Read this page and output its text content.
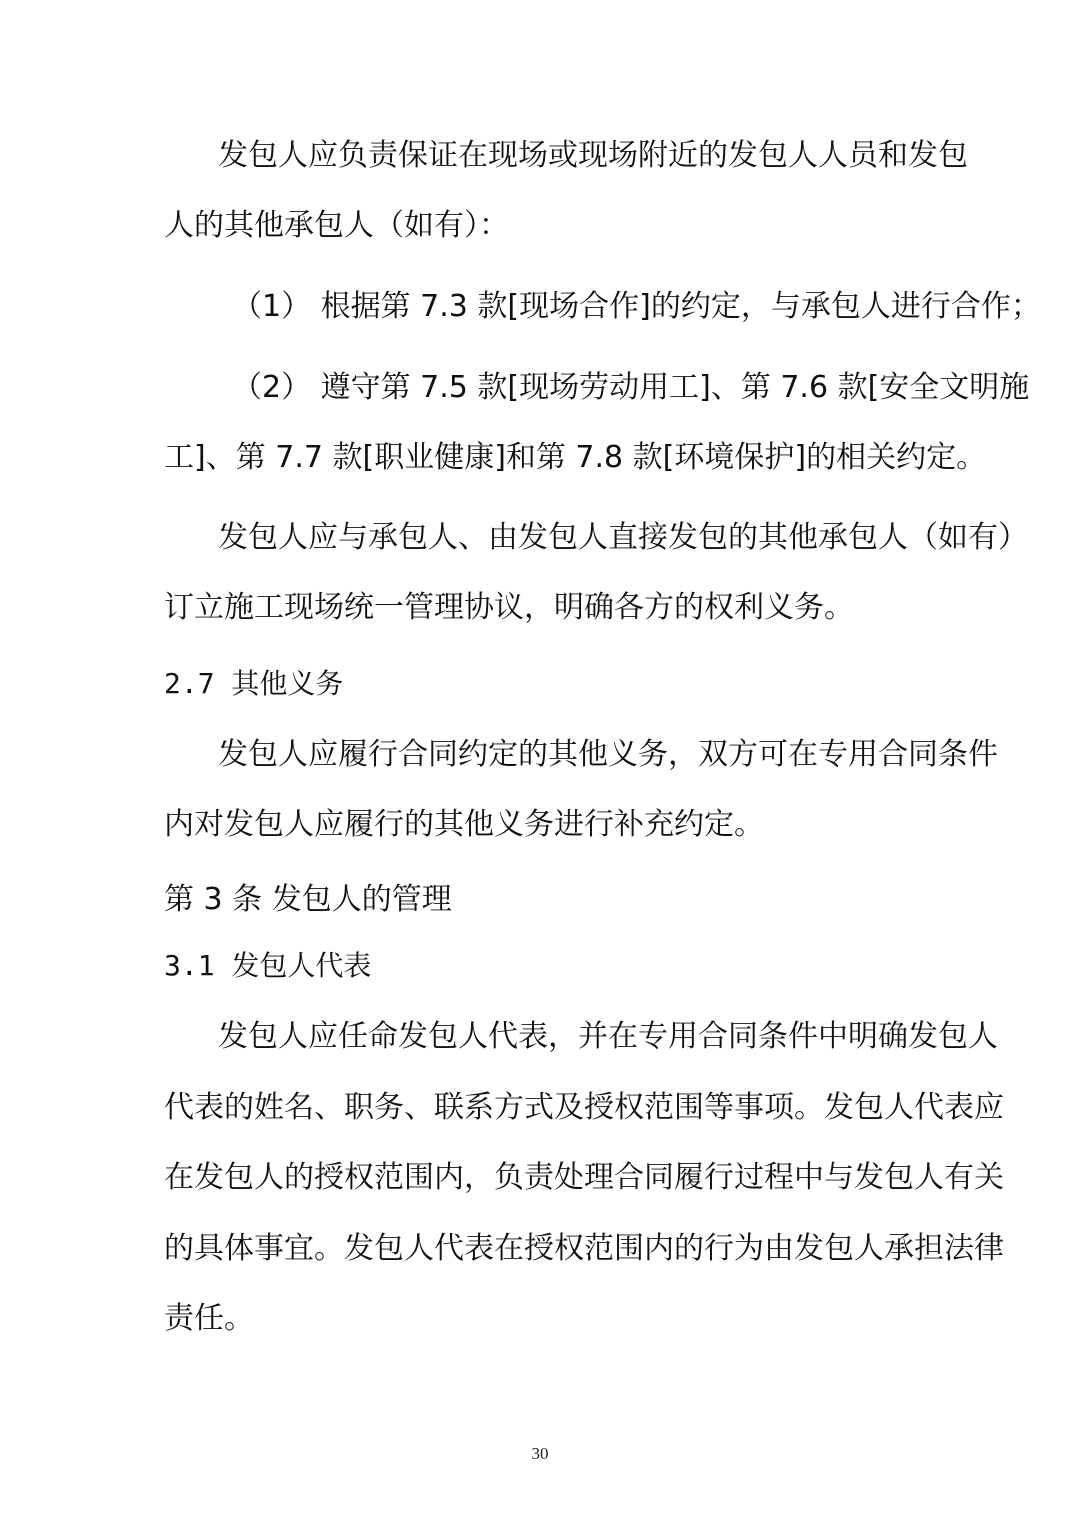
发包人应负责保证在现场或现场附近的发包人人员和发包
人的其他承包人（如有）：
（1） 根据第 7.3 款[现场合作]的约定，与承包人进行合作；
（2） 遵守第 7.5 款[现场劳动用工]、第 7.6 款[安全文明施
工]、第 7.7 款[职业健康]和第 7.8 款[环境保护]的相关约定。
发包人应与承包人、由发包人直接发包的其他承包人（如有）
订立施工现场统一管理协议，明确各方的权利义务。
2.7 其他义务
发包人应履行合同约定的其他义务，双方可在专用合同条件
内对发包人应履行的其他义务进行补充约定。
第 3 条 发包人的管理
3.1 发包人代表
发包人应任命发包人代表，并在专用合同条件中明确发包人
代表的姓名、职务、联系方式及授权范围等事项。发包人代表应
在发包人的授权范围内，负责处理合同履行过程中与发包人有关
的具体事宜。发包人代表在授权范围内的行为由发包人承担法律
责任。
30
